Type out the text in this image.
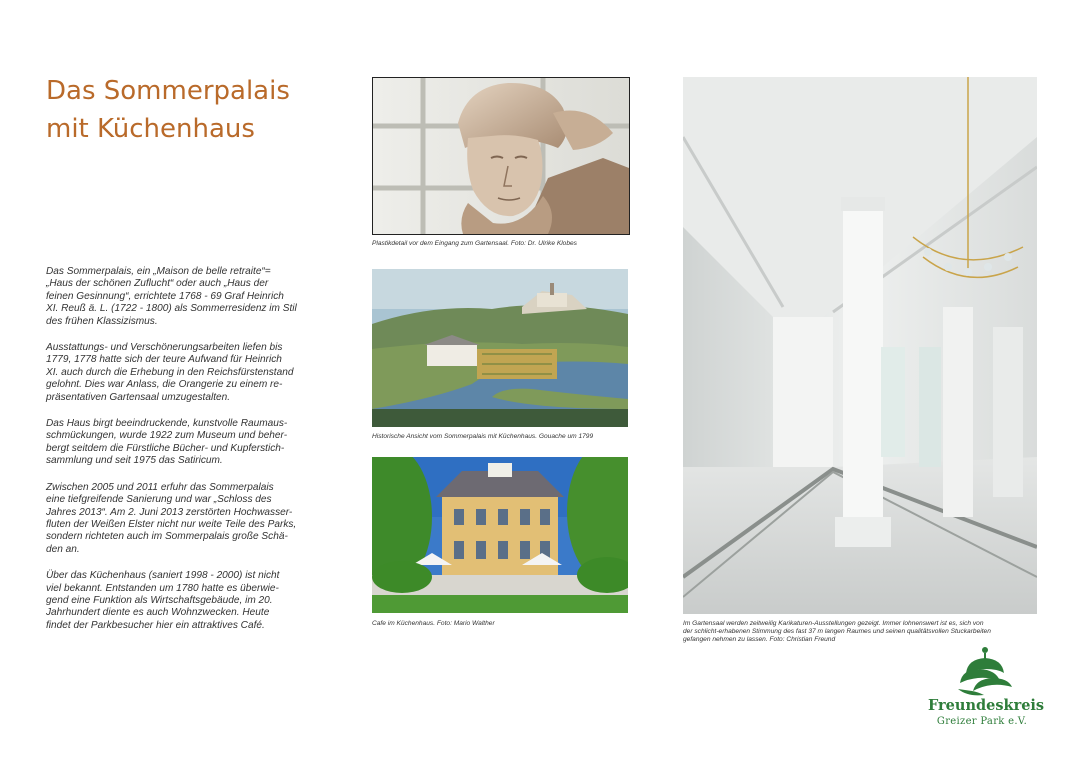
Das Sommerpalais
mit Küchenhaus

Das Sommerpalais, ein „Maison de belle retraite“=
„Haus der schönen Zuflucht“ oder auch „Haus der
feinen Gesinnung“, errichtete 1768 - 69 Graf Heinrich
XI. Reuß ä. L. (1722 - 1800) als Sommerresidenz im Stil
des frühen Klassizismus.

Ausstattungs- und Verschönerungsarbeiten liefen bis
1779, 1778 hatte sich der teure Aufwand für Heinrich
XI. auch durch die Erhebung in den Reichsfürstenstand
gelohnt. Dies war Anlass, die Orangerie zu einem re-
präsentativen Gartensaal umzugestalten.

Das Haus birgt beeindruckende, kunstvolle Raumaus-
schmückungen, wurde 1922 zum Museum und beher-
bergt seitdem die Fürstliche Bücher- und Kupferstich-
sammlung und seit 1975 das Satiricum.

Zwischen 2005 und 2011 erfuhr das Sommerpalais
eine tiefgreifende Sanierung und war „Schloss des
Jahres 2013“. Am 2. Juni 2013 zerstörten Hochwasser-
fluten der Weißen Elster nicht nur weite Teile des Parks,
sondern richteten auch im Sommerpalais große Schä-
den an.

Über das Küchenhaus (saniert 1998 - 2000) ist nicht
viel bekannt. Entstanden um 1780 hatte es überwie-
gend eine Funktion als Wirtschaftsgebäude, im 20.
Jahrhundert diente es auch Wohnzwecken. Heute
findet der Parkbesucher hier ein attraktives Café.

Plastikdetail vor dem Eingang zum Gartensaal. Foto: Dr. Ulrike Klobes
Historische Ansicht vom Sommerpalais mit Küchenhaus. Gouache um 1799
Cafe im Küchenhaus. Foto: Mario Walther	Im Gartensaal werden zeitweilig Karikaturen-Ausstellungen gezeigt. Immer lohnenswert ist es, sich von
der schlicht-erhabenen Stimmung des fast 37 m langen Raumes und seinen qualitätsvollen Stuckarbeiten
gefangen nehmen zu lassen. Foto: Christian Freund
Freundeskreis
Greizer Park e.V.
